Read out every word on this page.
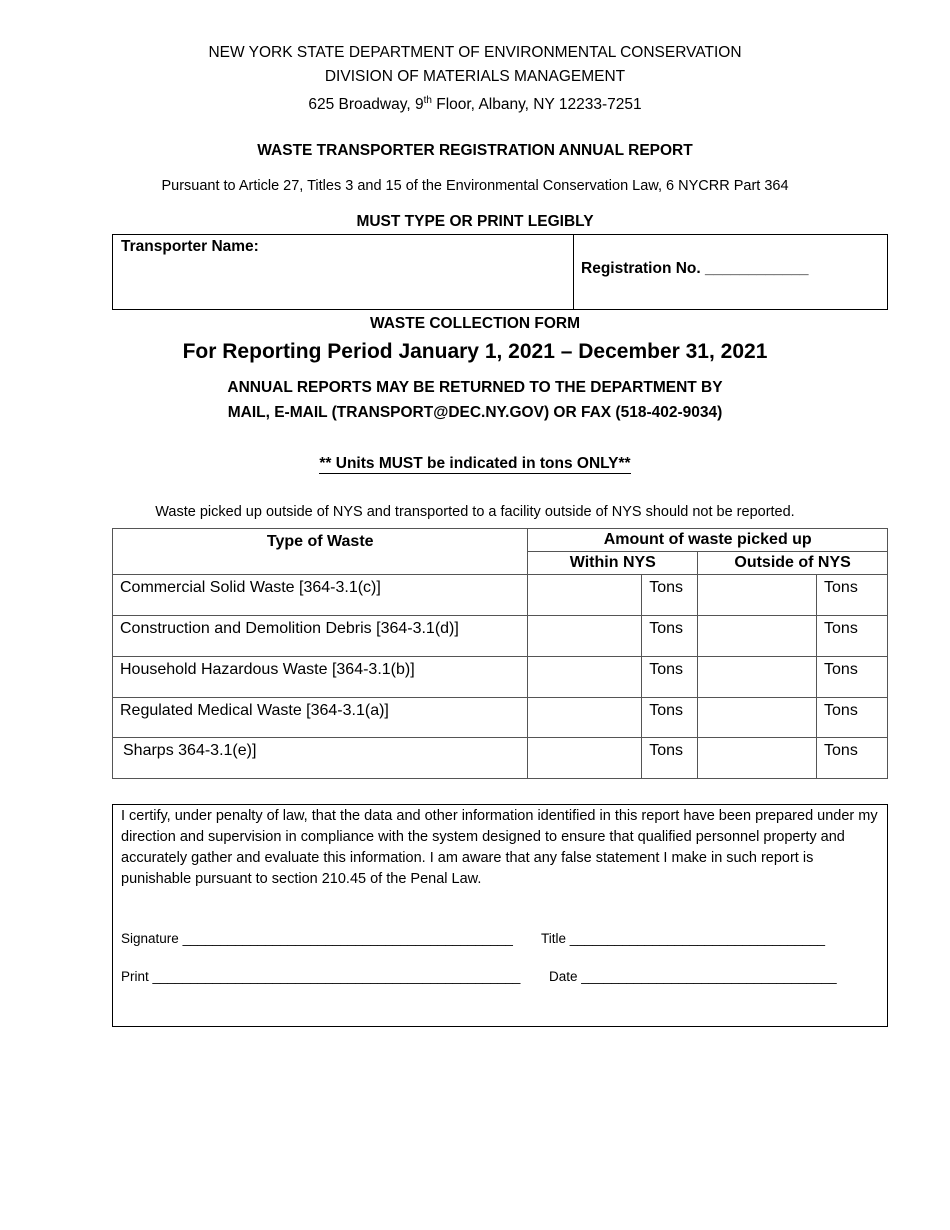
NEW YORK STATE DEPARTMENT OF ENVIRONMENTAL CONSERVATION
DIVISION OF MATERIALS MANAGEMENT
625 Broadway, 9th Floor, Albany, NY 12233-7251
WASTE TRANSPORTER REGISTRATION ANNUAL REPORT
Pursuant to Article 27, Titles 3 and 15 of the Environmental Conservation Law, 6 NYCRR Part 364
MUST TYPE OR PRINT LEGIBLY
Transporter Name:
Registration No. ____________
WASTE COLLECTION FORM
For Reporting Period January 1, 2021 – December 31, 2021
ANNUAL REPORTS MAY BE RETURNED TO THE DEPARTMENT BY
MAIL, E-MAIL (TRANSPORT@DEC.NY.GOV) OR FAX (518-402-9034)
** Units MUST be indicated in tons ONLY**
Waste picked up outside of NYS and transported to a facility outside of NYS should not be reported.
Type of Waste	Amount of waste picked up			
	Within NYS		Outside of NYS	
Commercial Solid Waste [364-3.1(c)]		Tons		Tons
Construction and Demolition Debris [364-3.1(d)]		Tons		Tons
Household Hazardous Waste [364-3.1(b)]		Tons		Tons
Regulated Medical Waste [364-3.1(a)]		Tons		Tons
Sharps 364-3.1(e)]		Tons		Tons
I certify, under penalty of law, that the data and other information identified in this report have been prepared under my direction and supervision in compliance with the system designed to ensure that qualified personnel property and accurately gather and evaluate this information. I am aware that any false statement I make in such report is punishable pursuant to section 210.45 of the Penal Law.
Signature ____________________________________________ Title __________________________________
Print _________________________________________________ Date __________________________________
